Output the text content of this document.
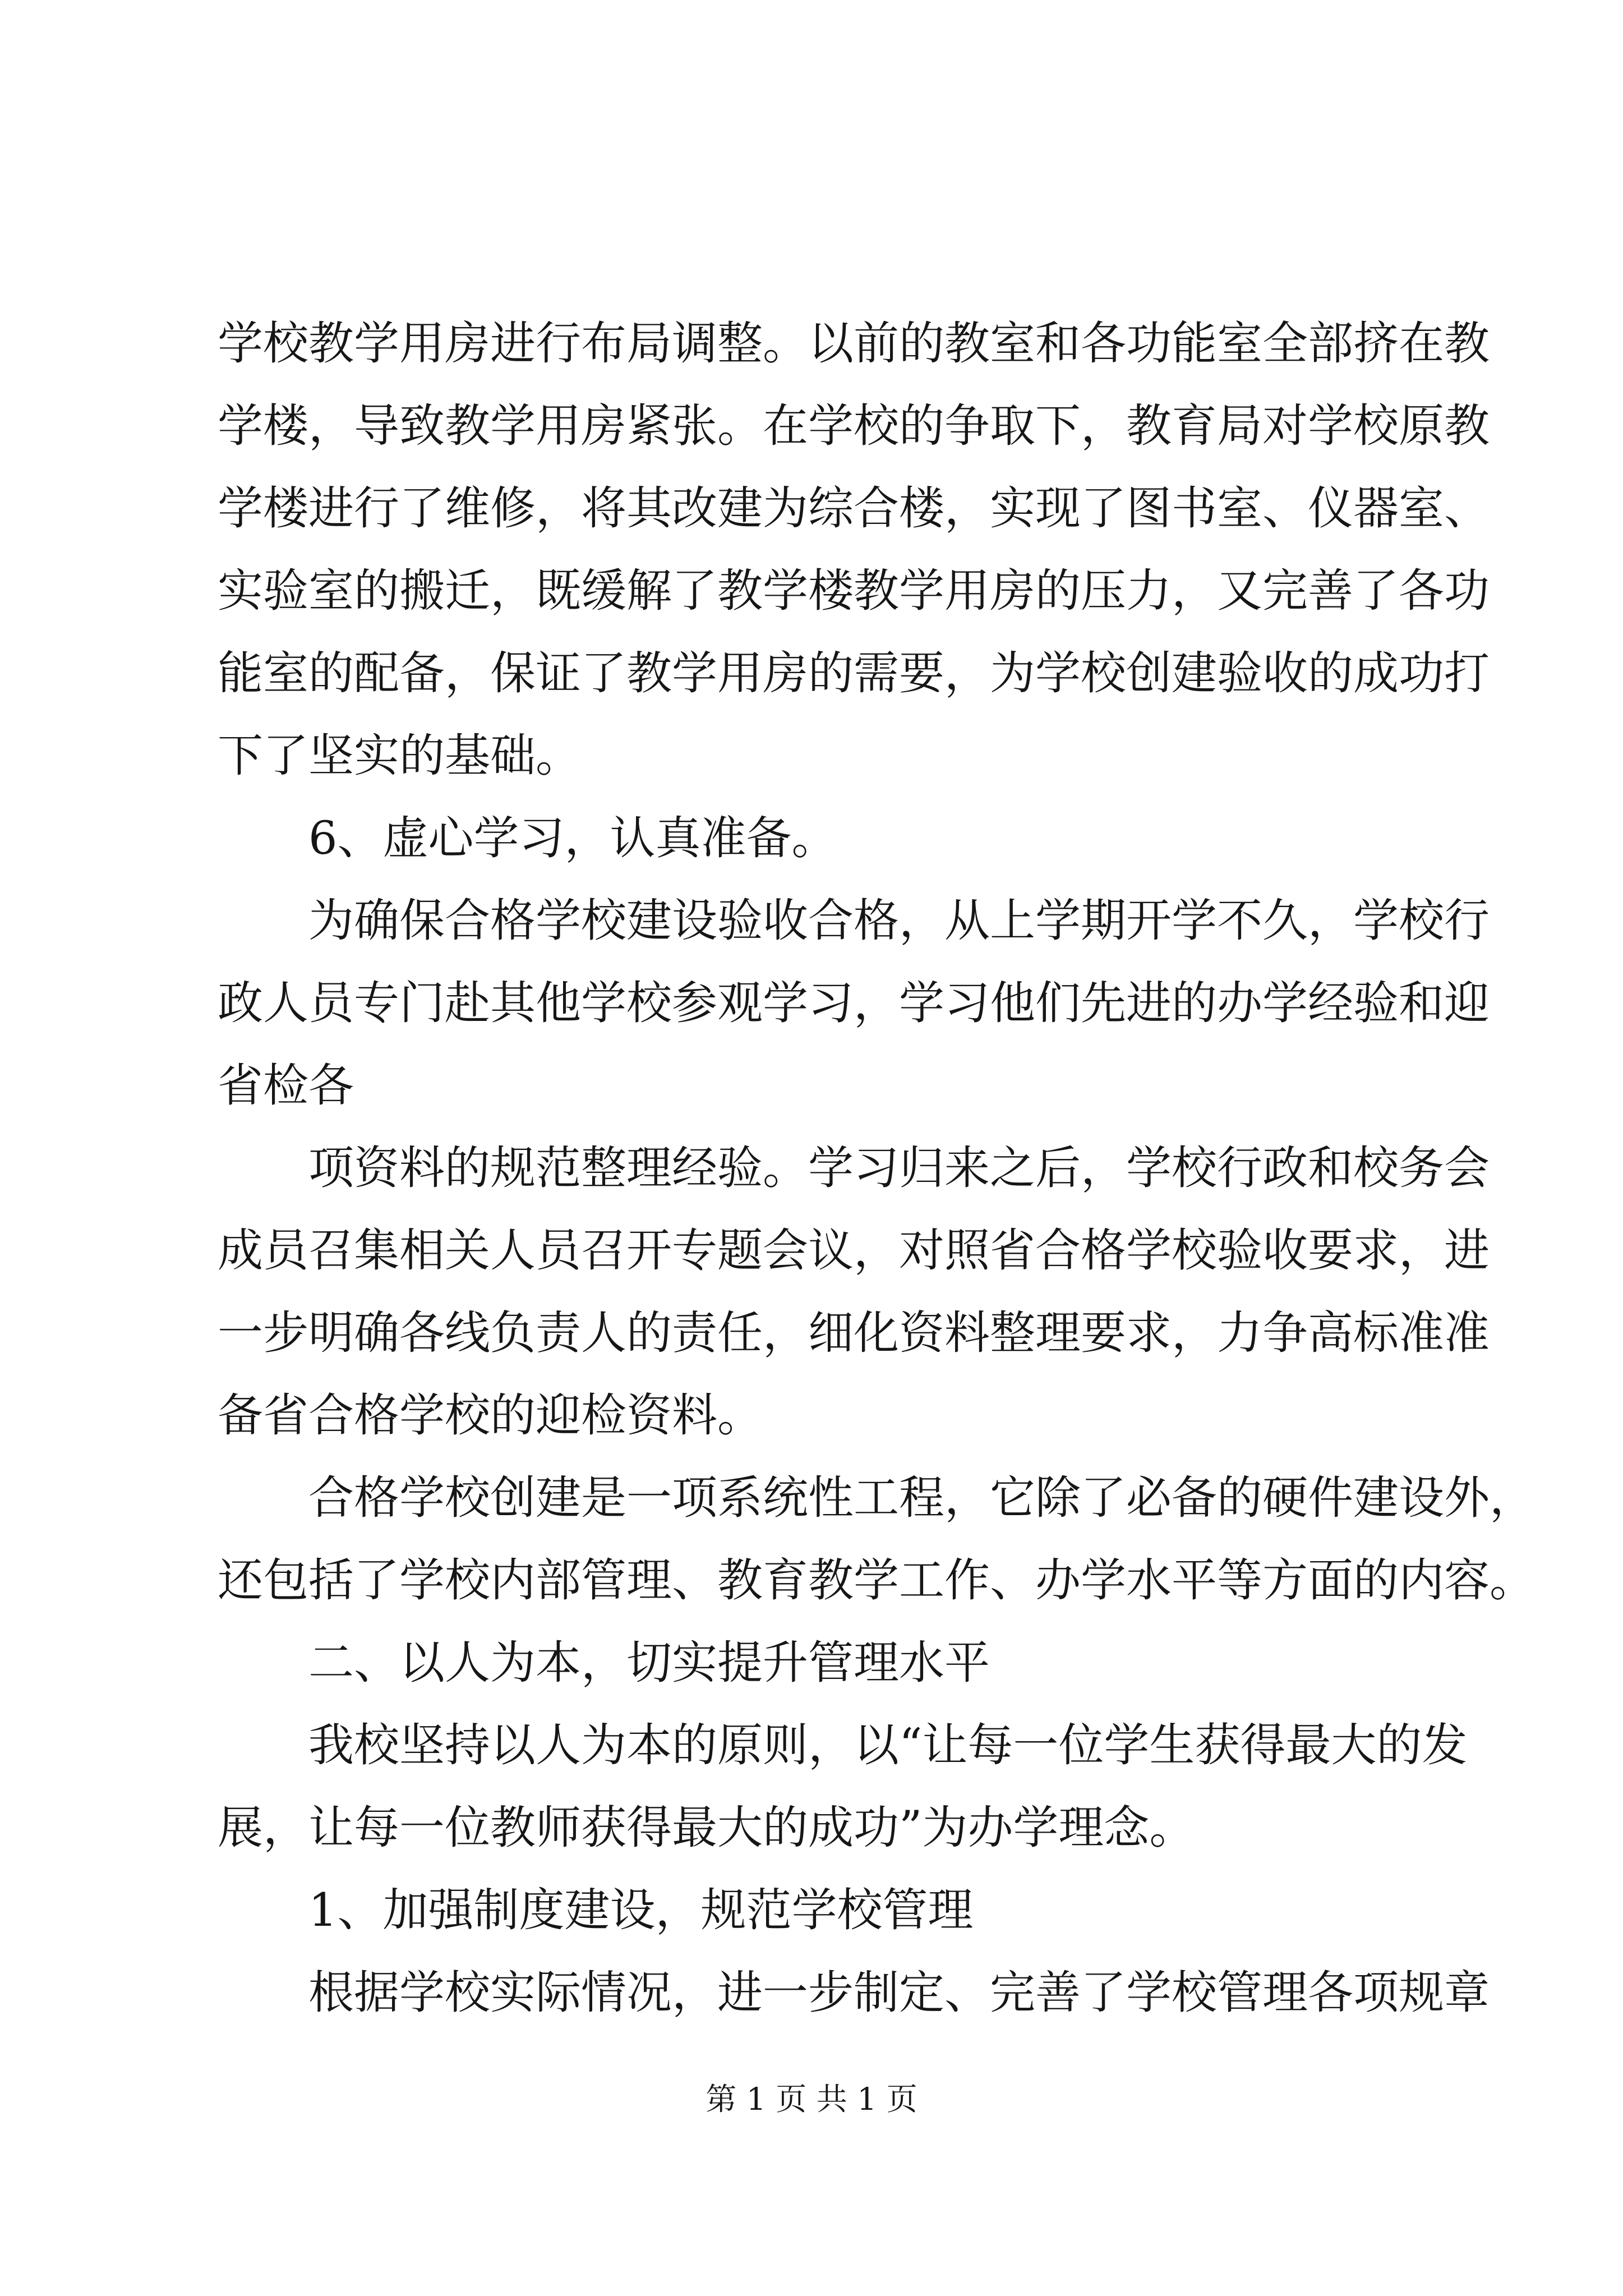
学校教学用房进行布局调整。以前的教室和各功能室全部挤在教
学楼，导致教学用房紧张。在学校的争取下，教育局对学校原教
学楼进行了维修，将其改建为综合楼，实现了图书室、仪器室、
实验室的搬迁，既缓解了教学楼教学用房的压力，又完善了各功
能室的配备，保证了教学用房的需要，为学校创建验收的成功打
下了坚实的基础。
6、虚心学习，认真准备。
为确保合格学校建设验收合格，从上学期开学不久，学校行
政人员专门赴其他学校参观学习，学习他们先进的办学经验和迎
省检各
项资料的规范整理经验。学习归来之后，学校行政和校务会
成员召集相关人员召开专题会议，对照省合格学校验收要求，进
一步明确各线负责人的责任，细化资料整理要求，力争高标准准
备省合格学校的迎检资料。
合格学校创建是一项系统性工程，它除了必备的硬件建设外，
还包括了学校内部管理、教育教学工作、办学水平等方面的内容。
二、以人为本，切实提升管理水平
我校坚持以人为本的原则，以“让每一位学生获得最大的发
展，让每一位教师获得最大的成功”为办学理念。
1、加强制度建设，规范学校管理
根据学校实际情况，进一步制定、完善了学校管理各项规章
第 1 页 共 1 页
